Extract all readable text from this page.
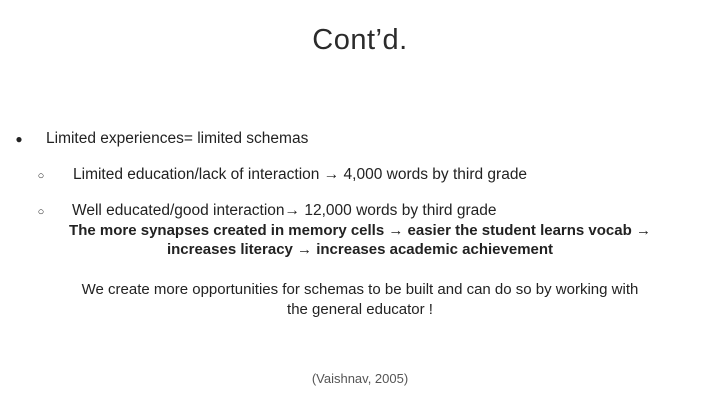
Cont’d.
● Limited experiences= limited schemas
○ Limited education/lack of interaction → 4,000 words by third grade
○ Well educated/good interaction→ 12,000 words by third grade
The more synapses created in memory cells → easier the student learns vocab →
increases literacy → increases academic achievement
We create more opportunities for schemas to be built and can do so by working with
the general educator !
(Vaishnav, 2005)
